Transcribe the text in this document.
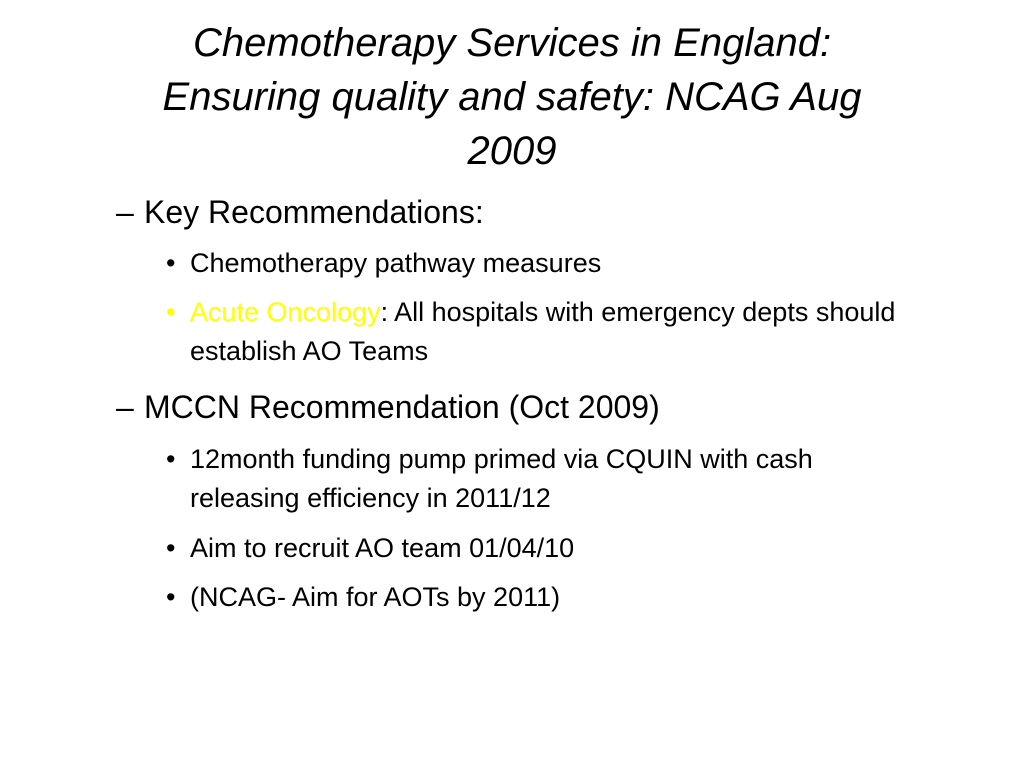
Chemotherapy Services in England:
Ensuring quality and safety: NCAG Aug
2009
– Key Recommendations:
• Chemotherapy pathway measures
• Acute Oncology: All hospitals with emergency depts should establish AO Teams
– MCCN Recommendation (Oct 2009)
• 12month funding pump primed via CQUIN with cash releasing efficiency in 2011/12
• Aim to recruit AO team 01/04/10
• (NCAG- Aim for AOTs by 2011)
